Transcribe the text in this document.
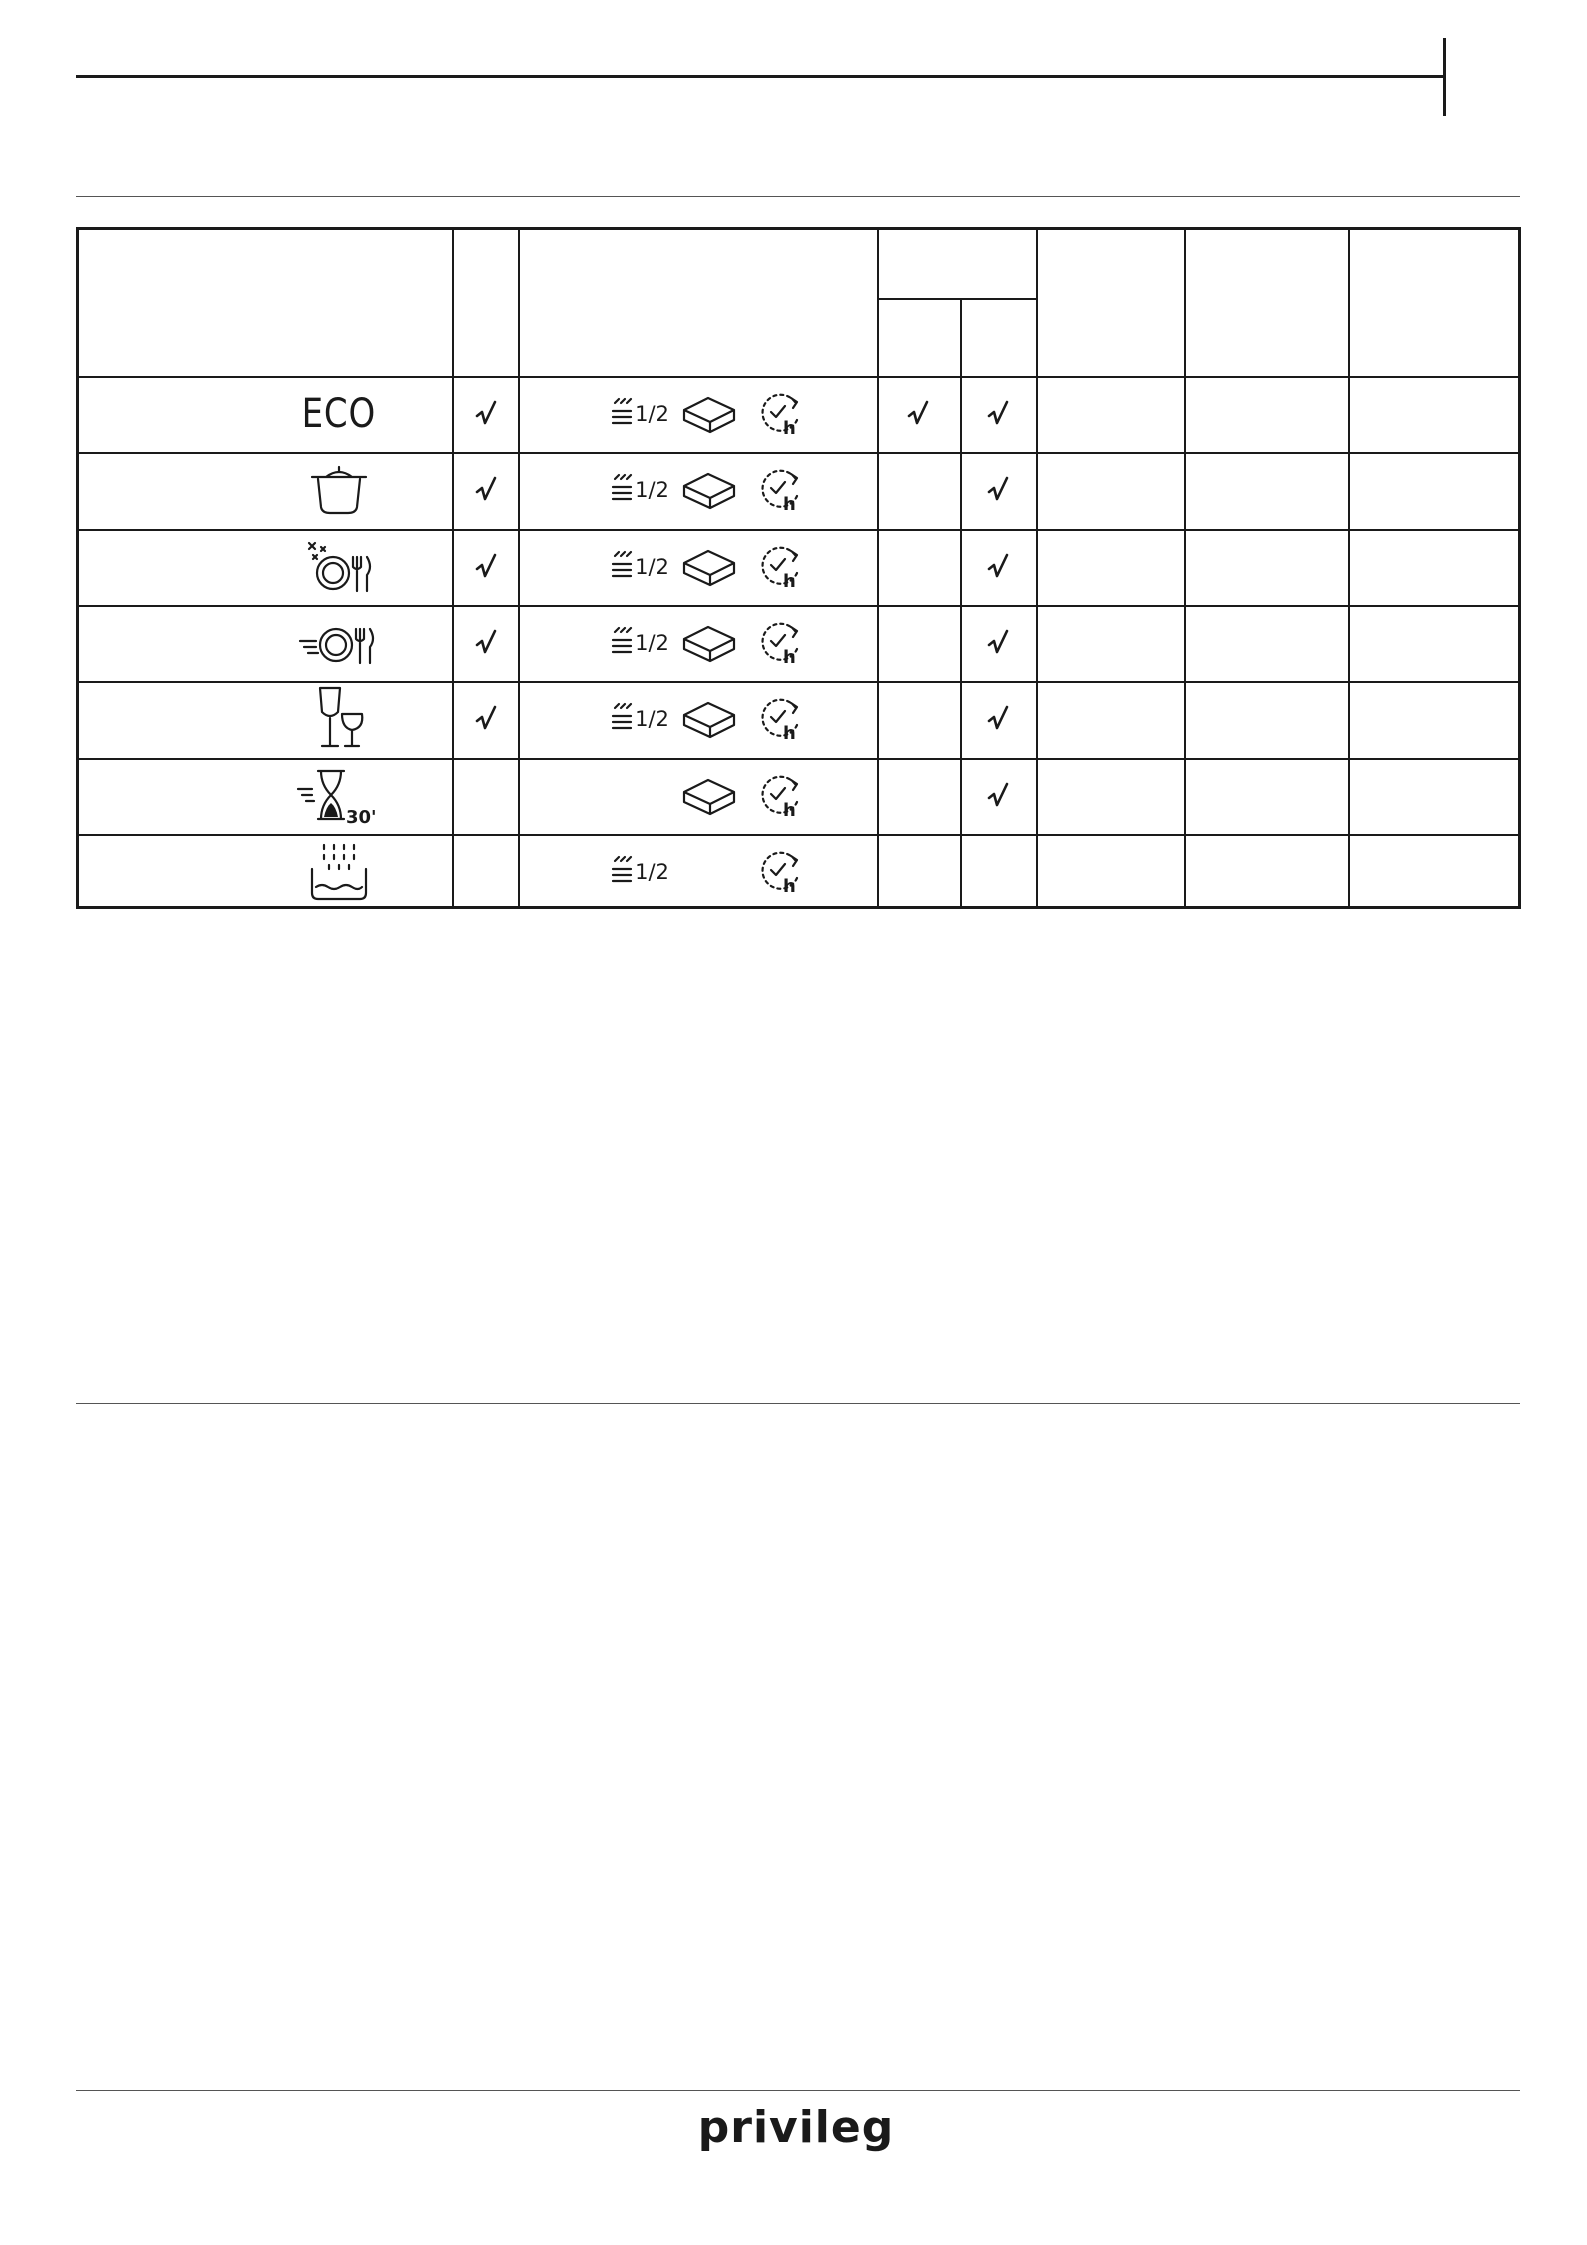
ECO	1/2
h
1/2
h
1/2
h
1/2
h
1/2
h
30'	h
1/2
h
privileg
